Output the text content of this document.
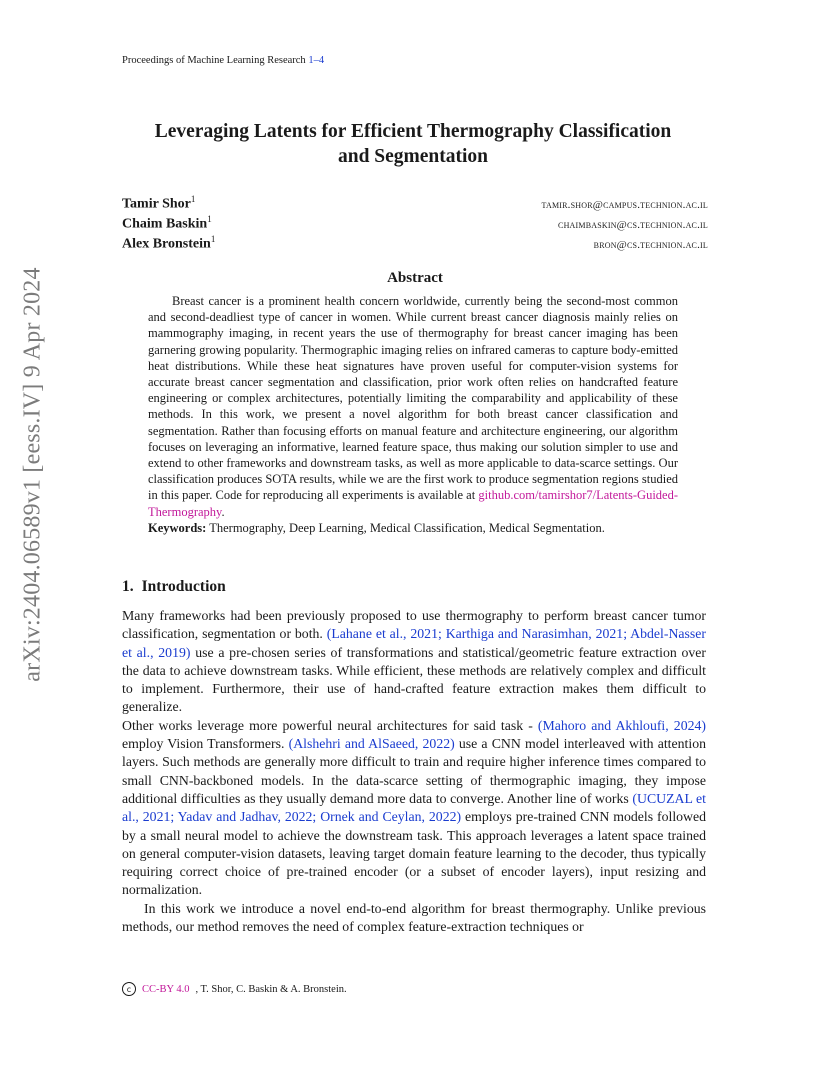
Proceedings of Machine Learning Research 1–4
arXiv:2404.06589v1 [eess.IV] 9 Apr 2024
Leveraging Latents for Efficient Thermography Classification
and Segmentation
Tamir Shor$^1$	tamir.shor@campus.technion.ac.il
Chaim Baskin$^1$	chaimbaskin@cs.technion.ac.il
Alex Bronstein$^1$	bron@cs.technion.ac.il
Abstract

Breast cancer is a prominent health concern worldwide, currently being the second-most common and second-deadliest type of cancer in women. While current breast cancer diagnosis mainly relies on mammography imaging, in recent years the use of thermography for breast cancer imaging has been garnering growing popularity. Thermographic imaging relies on infrared cameras to capture body-emitted heat distributions. While these heat signatures have proven useful for computer-vision systems for accurate breast cancer segmentation and classification, prior work often relies on handcrafted feature engineering or complex architectures, potentially limiting the comparability and applicability of these methods. In this work, we present a novel algorithm for both breast cancer classification and segmentation. Rather than focusing efforts on manual feature and architecture engineering, our algorithm focuses on leveraging an informative, learned feature space, thus making our solution simpler to use and extend to other frameworks and downstream tasks, as well as more applicable to data-scarce settings. Our classification produces SOTA results, while we are the first work to produce segmentation regions studied in this paper. Code for reproducing all experiments is available at github.com/tamirshor7/Latents-Guided-Thermography.

Keywords: Thermography, Deep Learning, Medical Classification, Medical Segmentation.
1. Introduction

Many frameworks had been previously proposed to use thermography to perform breast cancer tumor classification, segmentation or both. (Lahane et al., 2021; Karthiga and Narasimhan, 2021; Abdel-Nasser et al., 2019) use a pre-chosen series of transformations and statistical/geometric feature extraction over the data to achieve downstream tasks. While efficient, these methods are relatively complex and difficult to implement. Furthermore, their use of hand-crafted feature extraction makes them difficult to generalize.

Other works leverage more powerful neural architectures for said task - (Mahoro and Akhloufi, 2024) employ Vision Transformers. (Alshehri and AlSaeed, 2022) use a CNN model interleaved with attention layers. Such methods are generally more difficult to train and require higher inference times compared to small CNN-backboned models. In the data-scarce setting of thermographic imaging, they impose additional difficulties as they usually demand more data to converge. Another line of works (UCUZAL et al., 2021; Yadav and Jadhav, 2022; Ornek and Ceylan, 2022) employs pre-trained CNN models followed by a small neural model to achieve the downstream task. This approach leverages a latent space trained on general computer-vision datasets, leaving target domain feature learning to the decoder, thus typically requiring correct choice of pre-trained encoder (or a subset of encoder layers), input resizing and normalization.

In this work we introduce a novel end-to-end algorithm for breast thermography. Unlike previous methods, our method removes the need of complex feature-extraction techniques or

c	CC-BY 4.0 , T. Shor, C. Baskin & A. Bronstein.
